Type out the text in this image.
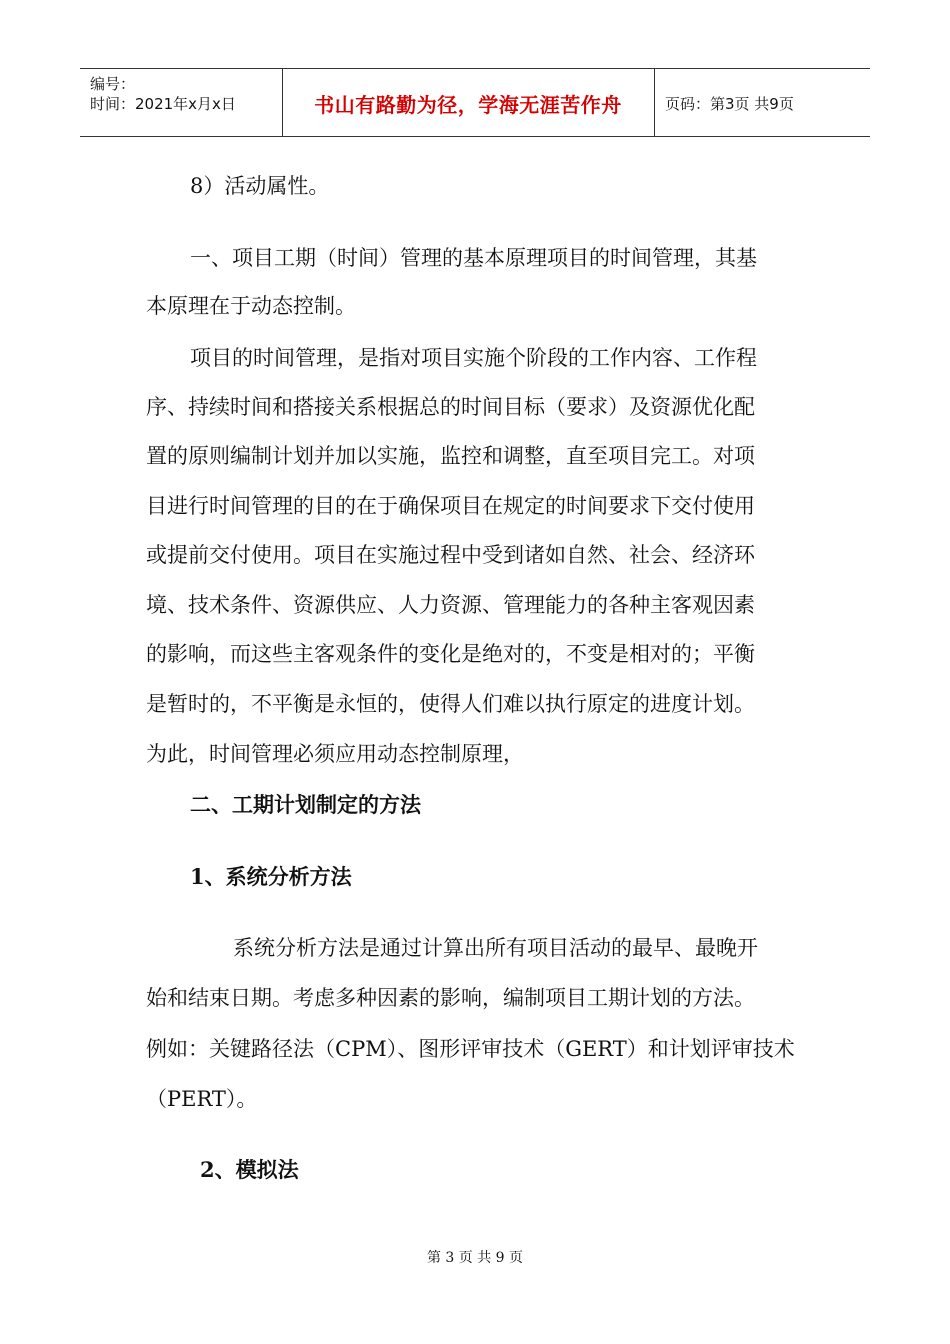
编号：
时间：2021年x月x日	书山有路勤为径，学海无涯苦作舟	页码：第3页 共9页
8）活动属性。
一、项目工期（时间）管理的基本原理项目的时间管理，其基
本原理在于动态控制。
项目的时间管理，是指对项目实施个阶段的工作内容、工作程
序、持续时间和搭接关系根据总的时间目标（要求）及资源优化配
置的原则编制计划并加以实施，监控和调整，直至项目完工。对项
目进行时间管理的目的在于确保项目在规定的时间要求下交付使用
或提前交付使用。项目在实施过程中受到诸如自然、社会、经济环
境、技术条件、资源供应、人力资源、管理能力的各种主客观因素
的影响，而这些主客观条件的变化是绝对的，不变是相对的；平衡
是暂时的，不平衡是永恒的，使得人们难以执行原定的进度计划。
为此，时间管理必须应用动态控制原理，
二、工期计划制定的方法
1、系统分析方法
系统分析方法是通过计算出所有项目活动的最早、最晚开
始和结束日期。考虑多种因素的影响，编制项目工期计划的方法。
例如：关键路径法（CPM）、图形评审技术（GERT）和计划评审技术
（PERT）。
2、模拟法
第 3 页 共 9 页
